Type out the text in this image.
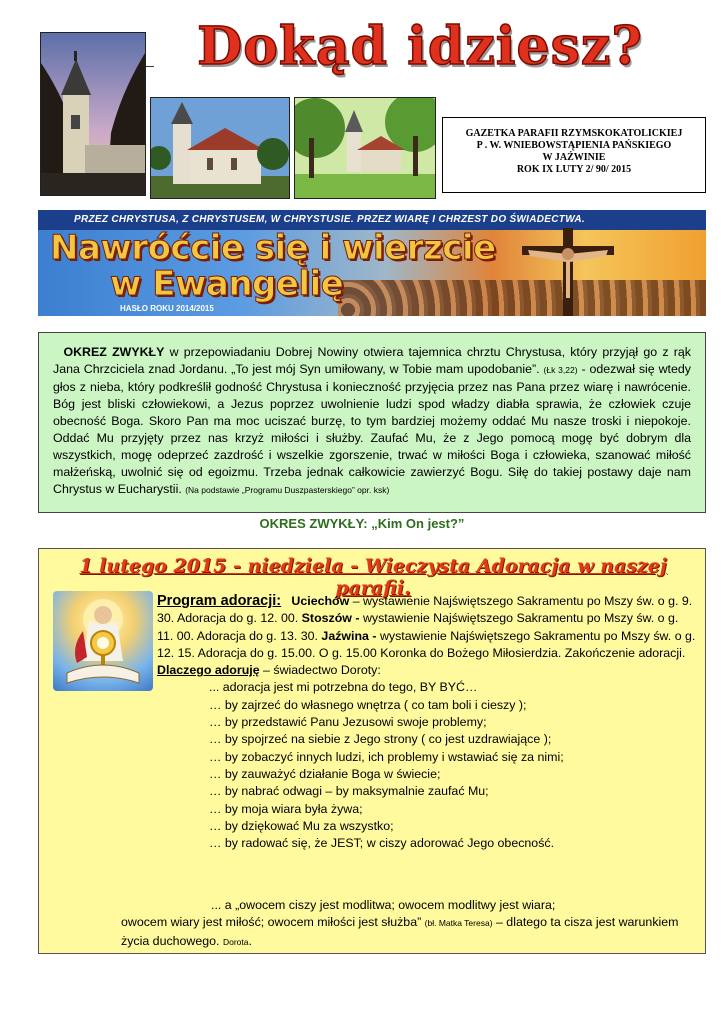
Dokąd idziesz?
GAZETKA PARAFII RZYMSKOKATOLICKIEJ
P . W. WNIEBOWSTĄPIENIA PAŃSKIEGO
W JAŹWINIE
ROK IX LUTY 2/ 90/ 2015
PRZEZ CHRYSTUSA, Z CHRYSTUSEM, W CHRYSTUSIE. PRZEZ WIARĘ I CHRZEST DO ŚWIADECTWA.
Nawróćcie się i wierzcie
w Ewangelię
HASŁO ROKU 2014/2015

OKREZ ZWYKŁY w przepowiadaniu Dobrej Nowiny otwiera tajemnica chrztu Chrystusa, który przyjął go z rąk Jana Chrzciciela znad Jordanu. „To jest mój Syn umiłowany, w Tobie mam upodobanie”. (Łk 3,22) - odezwał się wtedy głos z nieba, który podkreślił godność Chrystusa i konieczność przyjęcia przez nas Pana przez wiarę i nawrócenie. Bóg jest bliski człowiekowi, a Jezus poprzez uwolnienie ludzi spod władzy diabła sprawia, że człowiek czuje obecność Boga. Skoro Pan ma moc uciszać burzę, to tym bardziej możemy oddać Mu nasze troski i niepokoje. Oddać Mu przyjęty przez nas krzyż miłości i służby. Zaufać Mu, że z Jego pomocą mogę być dobrym dla wszystkich, mogę odeprzeć zazdrość i wszelkie zgorszenie, trwać w miłości Boga i człowieka, szanować miłość małżeńską, uwolnić się od egoizmu. Trzeba jednak całkowicie zawierzyć Bogu. Siłę do takiej postawy daje nam Chrystus w Eucharystii. (Na podstawie „Programu Duszpasterskiego” opr. ksk)

OKRES ZWYKŁY: „Kim On jest?”
1 lutego 2015 - niedziela - Wieczysta Adoracja w naszej parafii.

Program adoracji: Uciechów – wystawienie Najświętszego Sakramentu po Mszy św. o g. 9. 30. Adoracja do g. 12. 00. Stoszów - wystawienie Najświętszego Sakramentu po Mszy św. o g. 11. 00. Adoracja do g. 13. 30. Jaźwina - wystawienie Najświętszego Sakramentu po Mszy św. o g. 12. 15. Adoracja do g. 15.00. O g. 15.00 Koronka do Bożego Miłosierdzia. Zakończenie adoracji.

Dlaczego adoruję – świadectwo Doroty:

... adoracja jest mi potrzebna do tego, BY BYĆ…
… by zajrzeć do własnego wnętrza ( co tam boli i cieszy );
… by przedstawić Panu Jezusowi swoje problemy;
… by spojrzeć na siebie z Jego strony ( co jest uzdrawiające );
… by zobaczyć innych ludzi, ich problemy i wstawiać się za nimi;
… by zauważyć działanie Boga w świecie;
… by nabrać odwagi – by maksymalnie zaufać Mu;
… by moja wiara była żywa;
… by dziękować Mu za wszystko;
… by radować się, że JEST; w ciszy adorować Jego obecność.

... a „owocem ciszy jest modlitwa; owocem modlitwy jest wiara;

owocem wiary jest miłość; owocem miłości jest służba” (bł. Matka Teresa) – dlatego ta cisza jest warunkiem życia duchowego. Dorota.
